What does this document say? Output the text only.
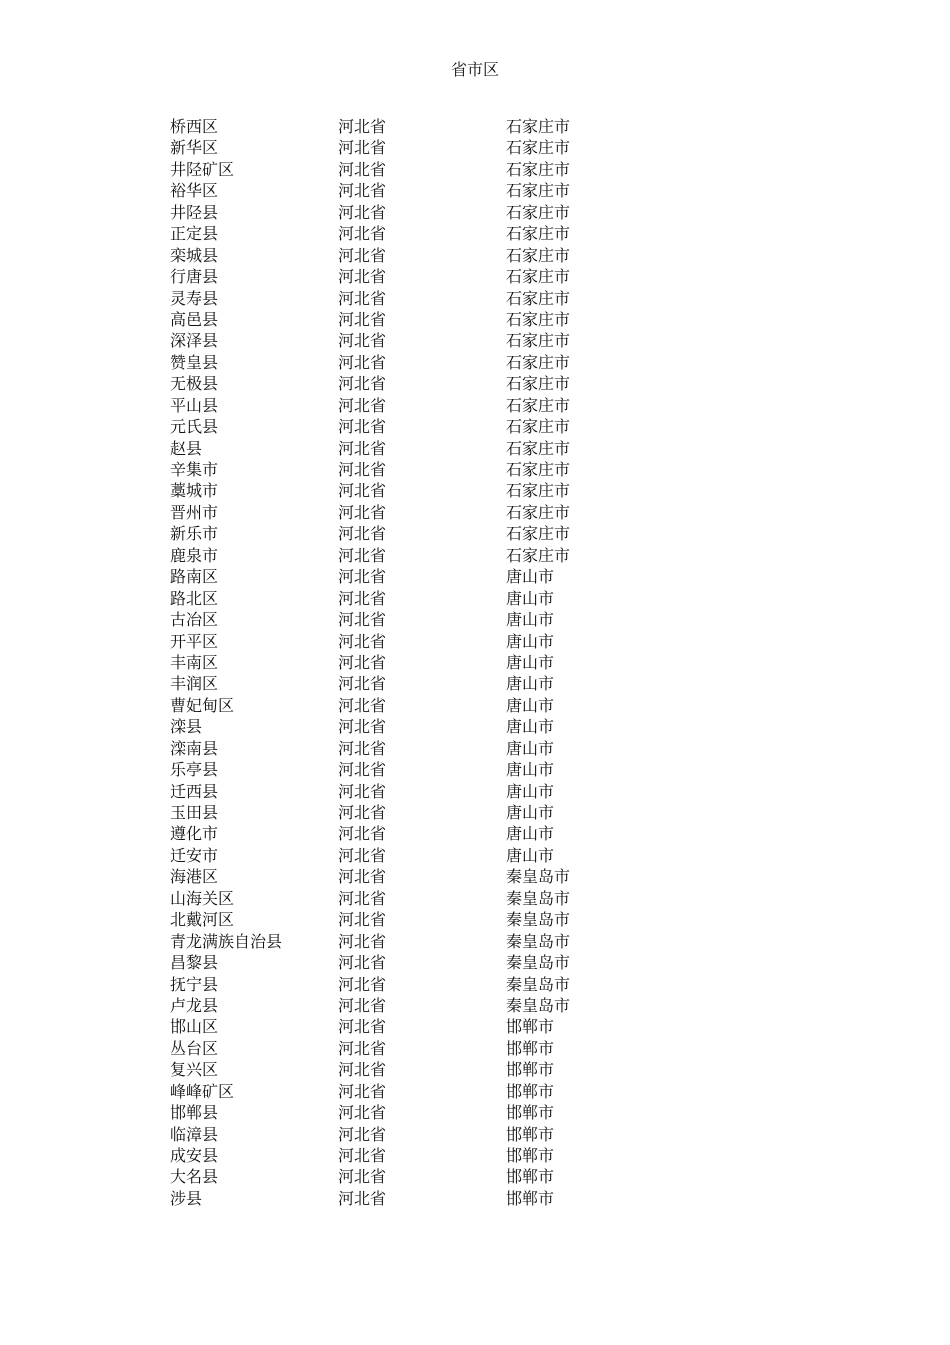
省市区
桥西区	河北省	石家庄市
新华区	河北省	石家庄市
井陉矿区	河北省	石家庄市
裕华区	河北省	石家庄市
井陉县	河北省	石家庄市
正定县	河北省	石家庄市
栾城县	河北省	石家庄市
行唐县	河北省	石家庄市
灵寿县	河北省	石家庄市
高邑县	河北省	石家庄市
深泽县	河北省	石家庄市
赞皇县	河北省	石家庄市
无极县	河北省	石家庄市
平山县	河北省	石家庄市
元氏县	河北省	石家庄市
赵县	河北省	石家庄市
辛集市	河北省	石家庄市
藁城市	河北省	石家庄市
晋州市	河北省	石家庄市
新乐市	河北省	石家庄市
鹿泉市	河北省	石家庄市
路南区	河北省	唐山市
路北区	河北省	唐山市
古冶区	河北省	唐山市
开平区	河北省	唐山市
丰南区	河北省	唐山市
丰润区	河北省	唐山市
曹妃甸区	河北省	唐山市
滦县	河北省	唐山市
滦南县	河北省	唐山市
乐亭县	河北省	唐山市
迁西县	河北省	唐山市
玉田县	河北省	唐山市
遵化市	河北省	唐山市
迁安市	河北省	唐山市
海港区	河北省	秦皇岛市
山海关区	河北省	秦皇岛市
北戴河区	河北省	秦皇岛市
青龙满族自治县	河北省	秦皇岛市
昌黎县	河北省	秦皇岛市
抚宁县	河北省	秦皇岛市
卢龙县	河北省	秦皇岛市
邯山区	河北省	邯郸市
丛台区	河北省	邯郸市
复兴区	河北省	邯郸市
峰峰矿区	河北省	邯郸市
邯郸县	河北省	邯郸市
临漳县	河北省	邯郸市
成安县	河北省	邯郸市
大名县	河北省	邯郸市
涉县	河北省	邯郸市
